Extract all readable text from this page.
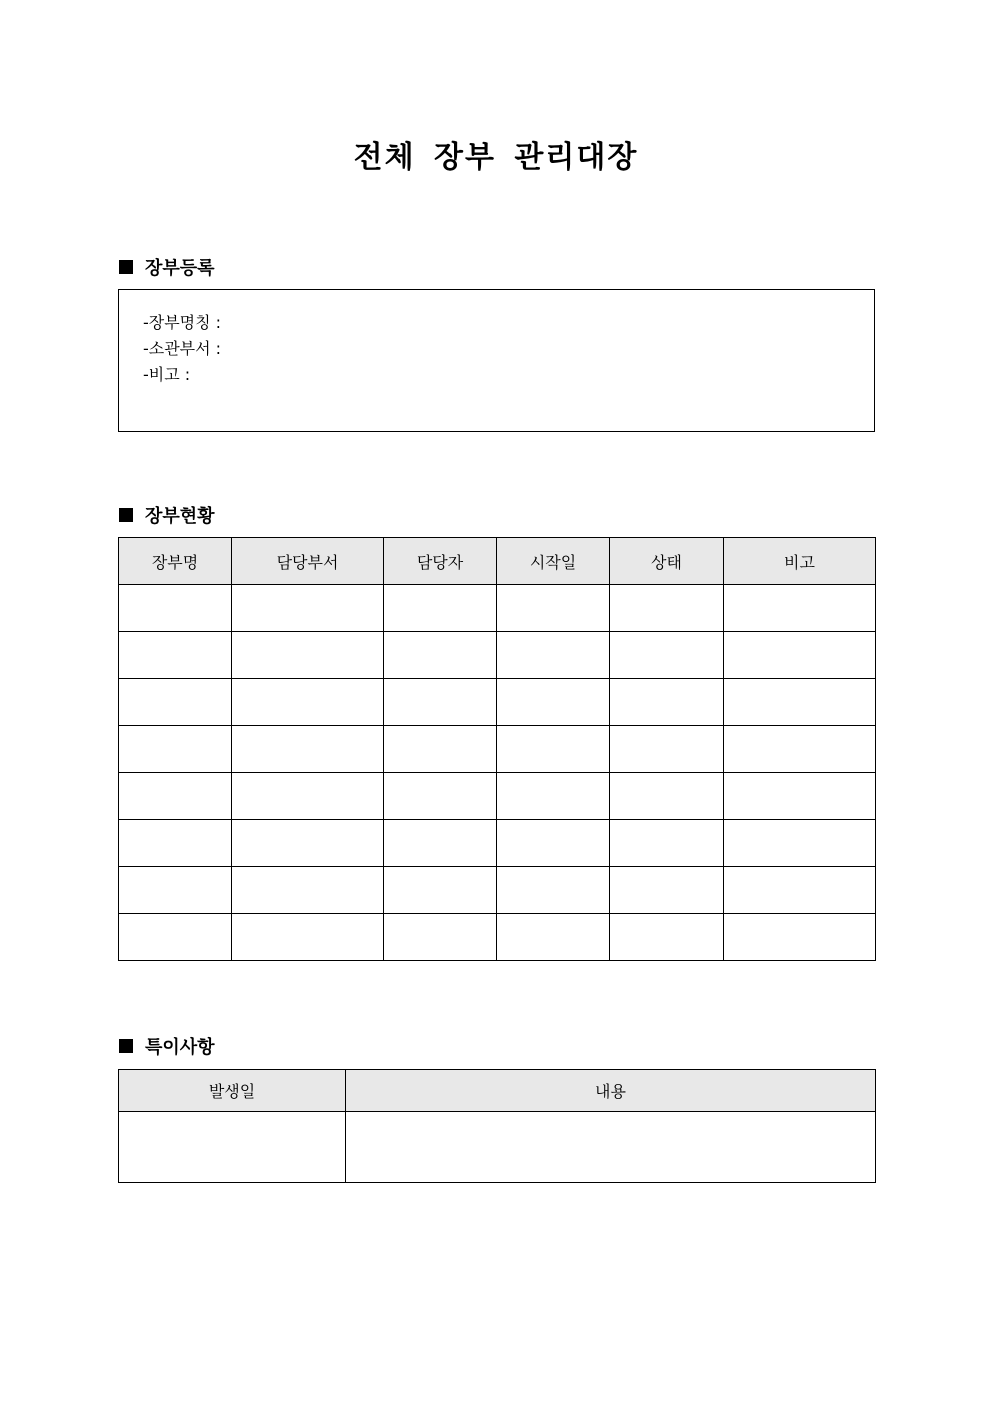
전체 장부 관리대장
장부등록
-장부명칭 :
-소관부서 :
-비고 :
장부현황
장부명	담당부서	담당자	시작일	상태	비고

특이사항
발생일	내용
